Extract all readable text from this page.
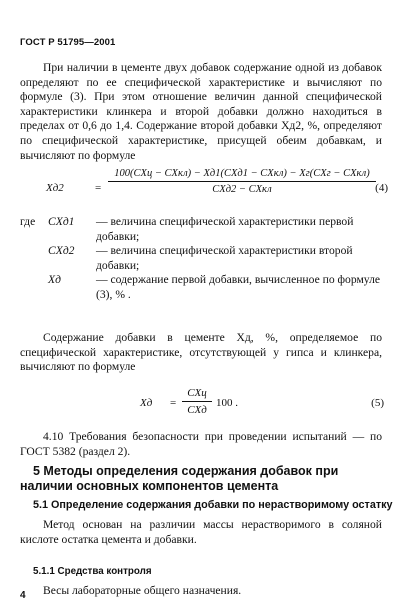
ГОСТ Р 51795—2001
При наличии в цементе двух добавок содержание одной из добавок определяют по ее специфической характеристике и вычисляют по формуле (3). При этом отношение величин данной специфической характеристики клинкера и второй добавки должно находиться в пределах от 0,6 до 1,4. Содержание второй добавки Xд2, %, определяют по специфической характеристике, присущей обеим добавкам, и вычисляют по формуле
Xд2	=
100(CXц − CXкл) − Xд1(CXд1 − CXкл) − Xг(CXг − CXкл)
CXд2 − CXкл	(4)
где CXд1 — величина специфической характеристики первой добавки;
CXд2 — величина специфической характеристики второй добавки;
Xд	— содержание первой добавки, вычисленное по формуле (3), % .
Содержание добавки в цементе Xд, %, определяемое по специфической характеристике, отсутствующей у гипса и клинкера, вычисляют по формуле
Xд =
CXц
CXд
100 .	(5)
4.10 Требования безопасности при проведении испытаний — по ГОСТ 5382 (раздел 2).
5 Методы определения содержания добавок при наличии основных компонентов цемента
5.1 Определение содержания добавки по нерастворимому остатку
Метод основан на различии массы нерастворимого в соляной кислоте остатка цемента и добавки.
5.1.1 Средства контроля
Весы лабораторные общего назначения.
4
